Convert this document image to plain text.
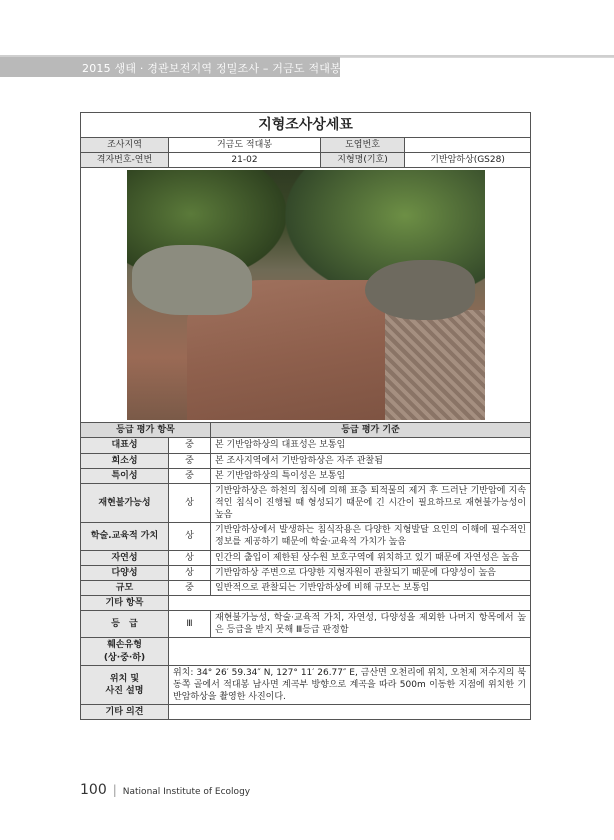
2015 생태 · 경관보전지역 정밀조사 – 거금도 적대봉
지형조사상세표				
조사지역	거금도 적대봉		도엽번호	
격자번호-연번	21-02		지형명(기호)	기반암하상(GS28)

등급 평가 항목		등급 평가 기준		
대표성	중	본 기반암하상의 대표성은 보통임		
희소성	중	본 조사지역에서 기반암하상은 자주 관찰됨		
특이성	중	본 기반암하상의 특이성은 보통임		
재현불가능성	상	기반암하상은 하천의 침식에 의해 표층 퇴적물의 제거 후 드러난 기반암에 지속적인 침식이 진행될 때 형성되기 때문에 긴 시간이 필요하므로 재현불가능성이 높음		
학술.교육적 가치	상	기반암하상에서 발생하는 침식작용은 다양한 지형발달 요인의 이해에 필수적인 정보를 제공하기 때문에 학술·교육적 가치가 높음		
자연성	상	인간의 출입이 제한된 상수원 보호구역에 위치하고 있기 때문에 자연성은 높음		
다양성	상	기반암하상 주변으로 다양한 지형자원이 관찰되기 때문에 다양성이 높음		
규모	중	일반적으로 관찰되는 기반암하상에 비해 규모는 보통임		
기타 항목				
등　급	Ⅲ	재현불가능성, 학술·교육적 가치, 자연성, 다양성을 제외한 나머지 항목에서 높은 등급을 받지 못해 Ⅲ등급 판정함		
훼손유형
(상·중·하)				
위치 및
사진 설명	위치: 34° 26′ 59.34″ N, 127° 11′ 26.77″ E, 금산면 오천리에 위치, 오천제 저수지의 북동쪽 골에서 적대봉 남사면 계곡부 방향으로 계곡을 따라 500m 이동한 지점에 위치한 기반암하상을 촬영한 사진이다.			
기타 의견				
100 | National Institute of Ecology
